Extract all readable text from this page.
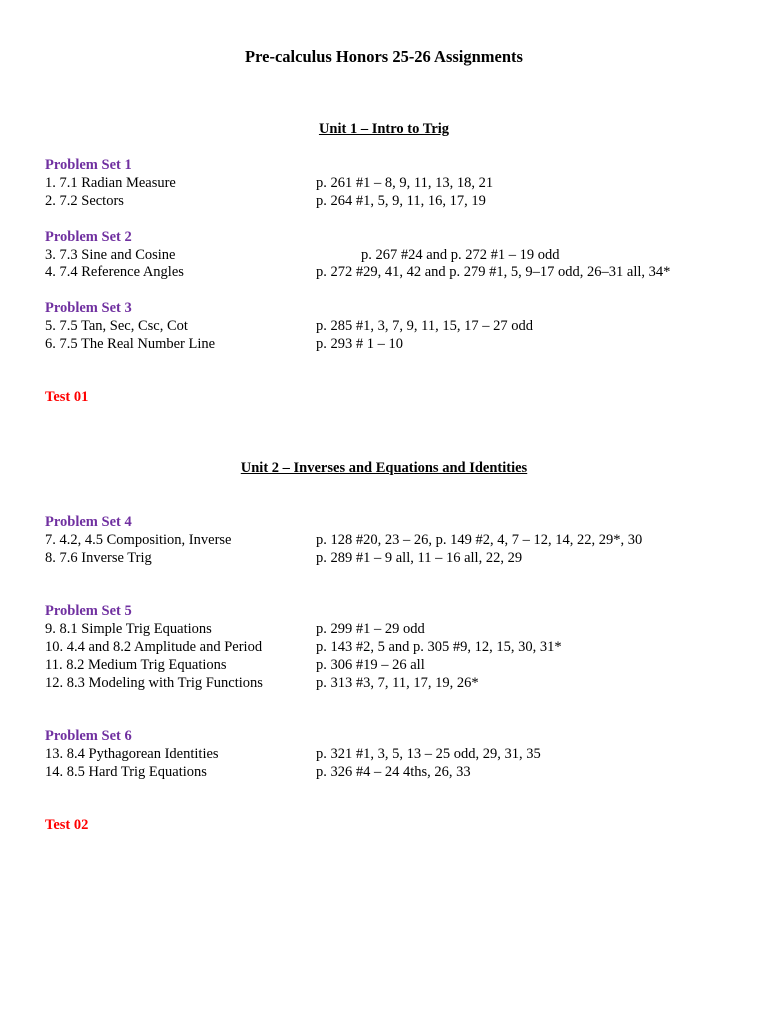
Pre-calculus Honors 25-26 Assignments
Unit 1 – Intro to Trig
Problem Set 1
1. 7.1 Radian Measure	p. 261 #1 – 8, 9, 11, 13, 18, 21
2. 7.2 Sectors	p. 264 #1, 5, 9, 11, 16, 17, 19
Problem Set 2
3. 7.3 Sine and Cosine	p. 267 #24 and p. 272 #1 – 19 odd
4. 7.4 Reference Angles	p. 272 #29, 41, 42 and p. 279 #1, 5, 9–17 odd, 26–31 all, 34*
Problem Set 3
5. 7.5 Tan, Sec, Csc, Cot	p. 285 #1, 3, 7, 9, 11, 15, 17 – 27 odd
6. 7.5 The Real Number Line	p. 293 # 1 – 10
Test 01
Unit 2 – Inverses and Equations and Identities
Problem Set 4
7. 4.2, 4.5 Composition, Inverse	p. 128 #20, 23 – 26, p. 149 #2, 4, 7 – 12, 14, 22, 29*, 30
8. 7.6 Inverse Trig	p. 289 #1 – 9 all, 11 – 16 all, 22, 29
Problem Set 5
9. 8.1 Simple Trig Equations	p. 299 #1 – 29 odd
10. 4.4 and 8.2 Amplitude and Period	p. 143 #2, 5 and p. 305 #9, 12, 15, 30, 31*
11. 8.2 Medium Trig Equations	p. 306 #19 – 26 all
12. 8.3 Modeling with Trig Functions	p. 313 #3, 7, 11, 17, 19, 26*
Problem Set 6
13. 8.4 Pythagorean Identities	p. 321 #1, 3, 5, 13 – 25 odd, 29, 31, 35
14. 8.5 Hard Trig Equations	p. 326 #4 – 24 4ths, 26, 33
Test 02
